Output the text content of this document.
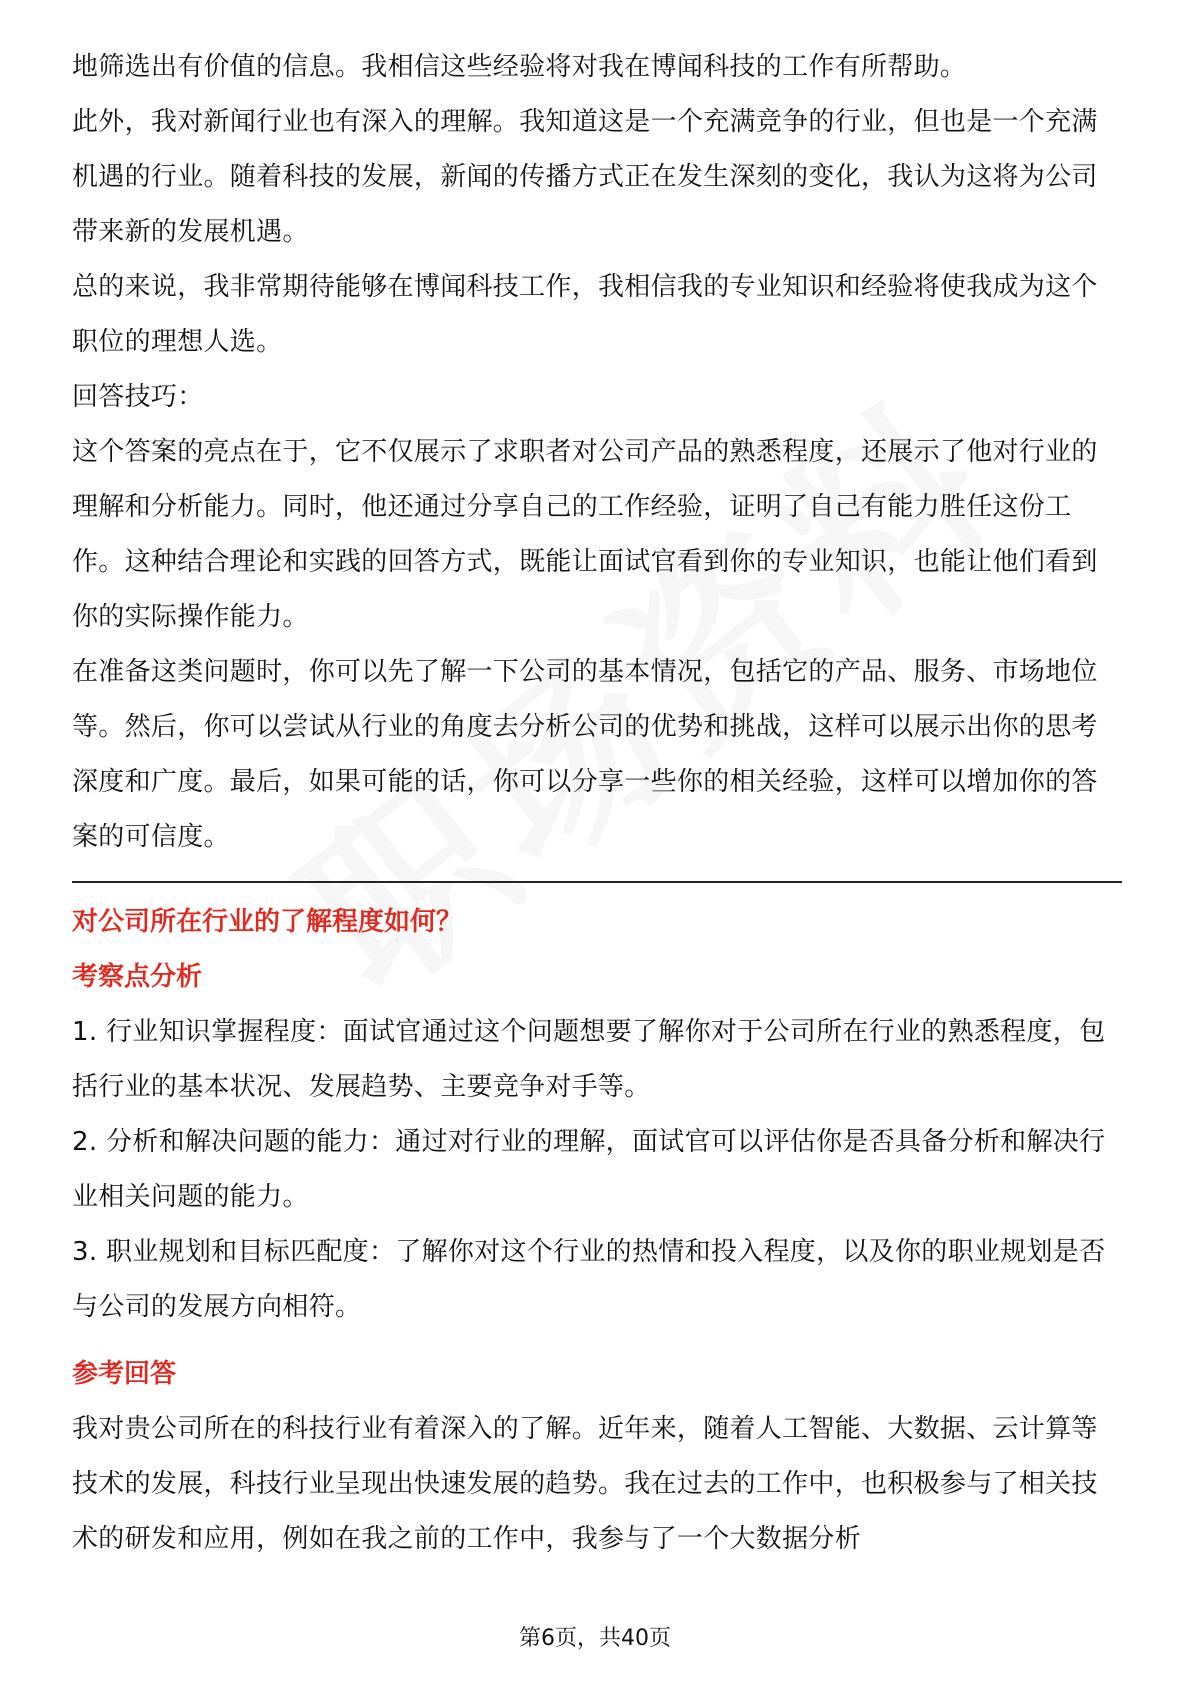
地筛选出有价值的信息。我相信这些经验将对我在博闻科技的工作有所帮助。

此外，我对新闻行业也有深入的理解。我知道这是一个充满竞争的行业，但也是一个充满机遇的行业。随着科技的发展，新闻的传播方式正在发生深刻的变化，我认为这将为公司带来新的发展机遇。

总的来说，我非常期待能够在博闻科技工作，我相信我的专业知识和经验将使我成为这个职位的理想人选。

回答技巧：

这个答案的亮点在于，它不仅展示了求职者对公司产品的熟悉程度，还展示了他对行业的理解和分析能力。同时，他还通过分享自己的工作经验，证明了自己有能力胜任这份工作。这种结合理论和实践的回答方式，既能让面试官看到你的专业知识，也能让他们看到你的实际操作能力。

在准备这类问题时，你可以先了解一下公司的基本情况，包括它的产品、服务、市场地位等。然后，你可以尝试从行业的角度去分析公司的优势和挑战，这样可以展示出你的思考深度和广度。最后，如果可能的话，你可以分享一些你的相关经验，这样可以增加你的答案的可信度。

对公司所在行业的了解程度如何？

考察点分析

1. 行业知识掌握程度：面试官通过这个问题想要了解你对于公司所在行业的熟悉程度，包括行业的基本状况、发展趋势、主要竞争对手等。

2. 分析和解决问题的能力：通过对行业的理解，面试官可以评估你是否具备分析和解决行业相关问题的能力。

3. 职业规划和目标匹配度：了解你对这个行业的热情和投入程度，以及你的职业规划是否与公司的发展方向相符。

参考回答

我对贵公司所在的科技行业有着深入的了解。近年来，随着人工智能、大数据、云计算等技术的发展，科技行业呈现出快速发展的趋势。我在过去的工作中，也积极参与了相关技术的研发和应用，例如在我之前的工作中，我参与了一个大数据分析

第6页，共40页
